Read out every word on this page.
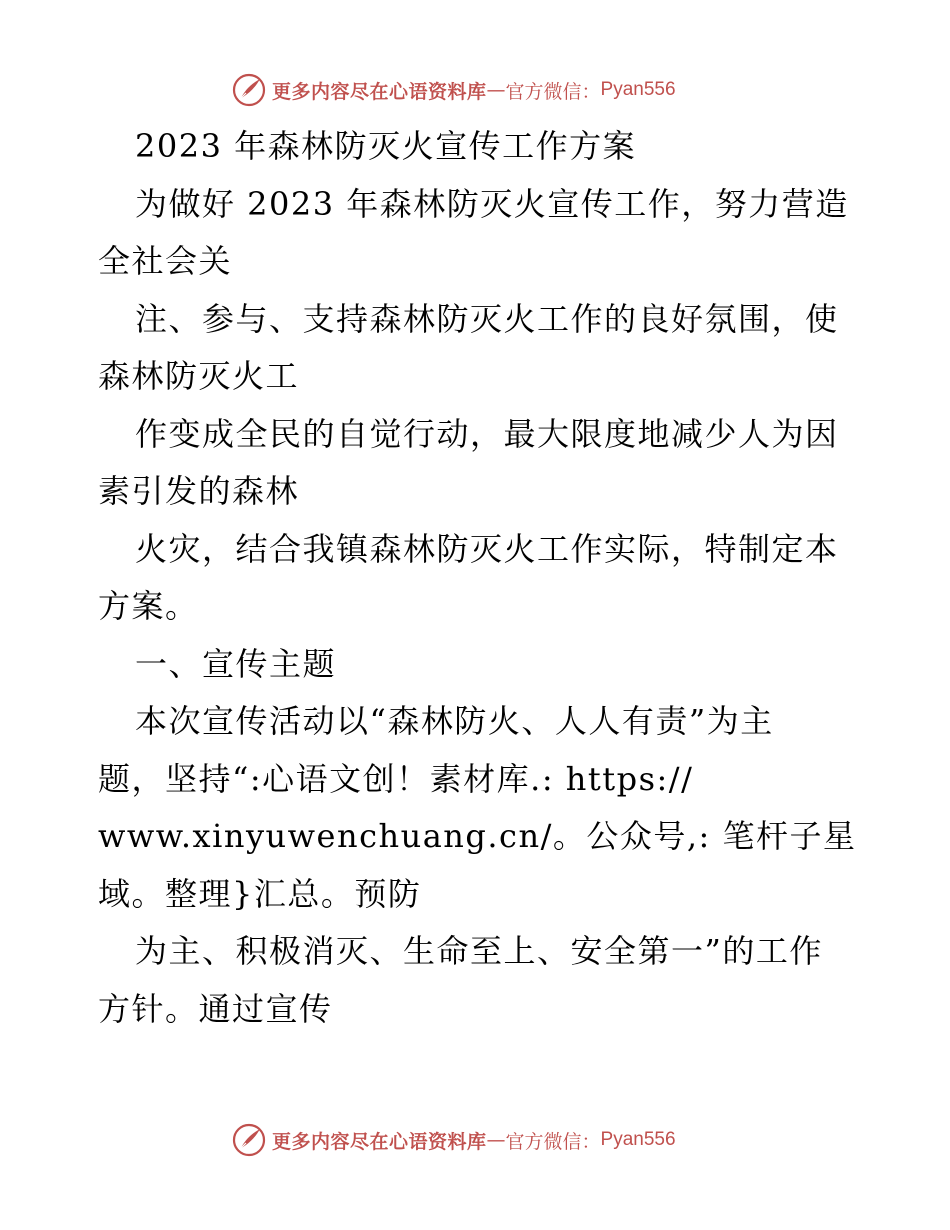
更多内容尽在心语资料库 — 官方微信： Pyan556
2023 年森林防灭火宣传工作方案
为做好 2023 年森林防灭火宣传工作，努力营造
全社会关
注、参与、支持森林防灭火工作的良好氛围，使
森林防灭火工
作变成全民的自觉行动，最大限度地减少人为因
素引发的森林
火灾，结合我镇森林防灭火工作实际，特制定本
方案。
一、宣传主题
本次宣传活动以“森林防火、人人有责”为主
题，坚持“:心语文创！素材库.: https://
www.xinyuwenchuang.cn/。公众号,: 笔杆子星
域。整理}汇总。预防
为主、积极消灭、生命至上、安全第一”的工作
方针。通过宣传
更多内容尽在心语资料库 — 官方微信： Pyan556
